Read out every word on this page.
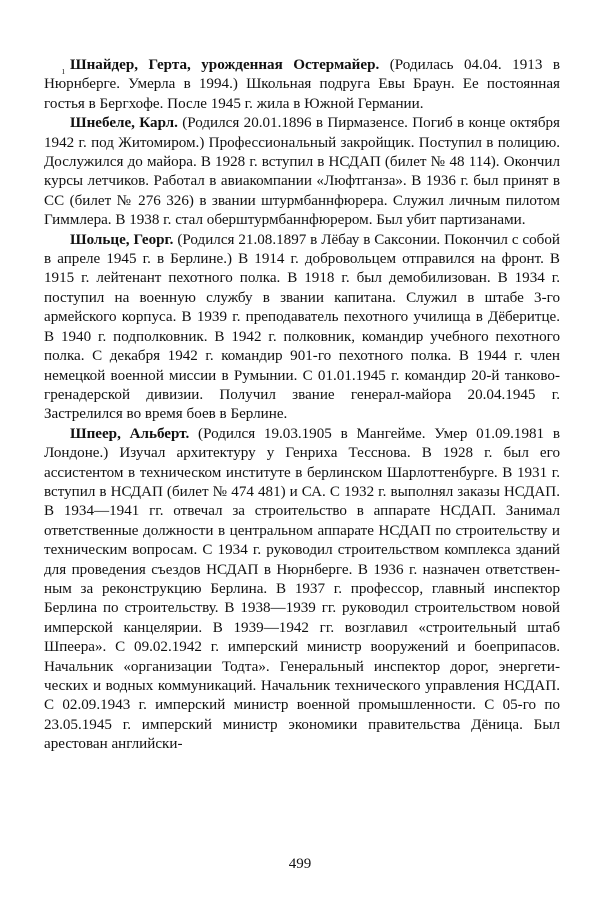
ı Шнайдер, Герта, урожденная Остермайер. (Родилась 04.04. 1913 в Нюрнберге. Умерла в 1994.) Школьная подруга Евы Браун. Ее постоянная гостья в Бергхофе. После 1945 г. жила в Южной Германии.

Шнебеле, Карл. (Родился 20.01.1896 в Пирмазенсе. Погиб в конце октября 1942 г. под Житомиром.) Профессиональный закройщик. Поступил в полицию. Дослужился до майора. В 1928 г. вступил в НСДАП (билет № 48 114). Окончил курсы летчиков. Работал в авиакомпании «Люфтганза». В 1936 г. был принят в СС (билет № 276 326) в звании штурмбаннфюрера. Служил личным пилотом Гиммлера. В 1938 г. стал оберштурмбаннфюрером. Был убит партизанами.

Шольце, Георг. (Родился 21.08.1897 в Лёбау в Саксонии. Покончил с собой в апреле 1945 г. в Берлине.) В 1914 г. добровольцем отправился на фронт. В 1915 г. лейтенант пехотного полка. В 1918 г. был демобилизован. В 1934 г. поступил на военную службу в звании капитана. Служил в штабе 3-го армейского корпуса. В 1939 г. преподаватель пехотного училища в Дёберитце. В 1940 г. подполковник. В 1942 г. полковник, командир учебного пехотного полка. С декабря 1942 г. командир 901-го пехотного полка. В 1944 г. член немецкой военной миссии в Румынии. С 01.01.1945 г. командир 20-й танково-гренадерской дивизии. Получил звание генерал-майора 20.04.1945 г. Застрелился во время боев в Берлине.

Шпеер, Альберт. (Родился 19.03.1905 в Мангейме. Умер 01.09.1981 в Лондоне.) Изучал архитектуру у Генриха Тесснова. В 1928 г. был его ассистентом в техническом институте в берлинском Шарлоттенбурге. В 1931 г. вступил в НСДАП (билет № 474 481) и СА. С 1932 г. выполнял заказы НСДАП. В 1934—1941 гг. отвечал за строительство в аппарате НСДАП. Занимал ответственные должности в центральном аппарате НСДАП по строительству и техническим вопросам. С 1934 г. руководил строительством комплекса зданий для проведения съездов НСДАП в Нюрнберге. В 1936 г. назначен ответственным за реконструкцию Берлина. В 1937 г. профессор, главный инспектор Берлина по строительству. В 1938—1939 гг. руководил строительством новой имперской канцелярии. В 1939—1942 гг. возглавил «строительный штаб Шпеера». С 09.02.1942 г. имперский министр вооружений и боеприпасов. Начальник «организации Тодта». Генеральный инспектор дорог, энергетических и водных коммуникаций. Начальник технического управления НСДАП. С 02.09.1943 г. имперский министр военной промышленности. С 05-го по 23.05.1945 г. имперский министр экономики правительства Дёница. Был арестован английски-

499
